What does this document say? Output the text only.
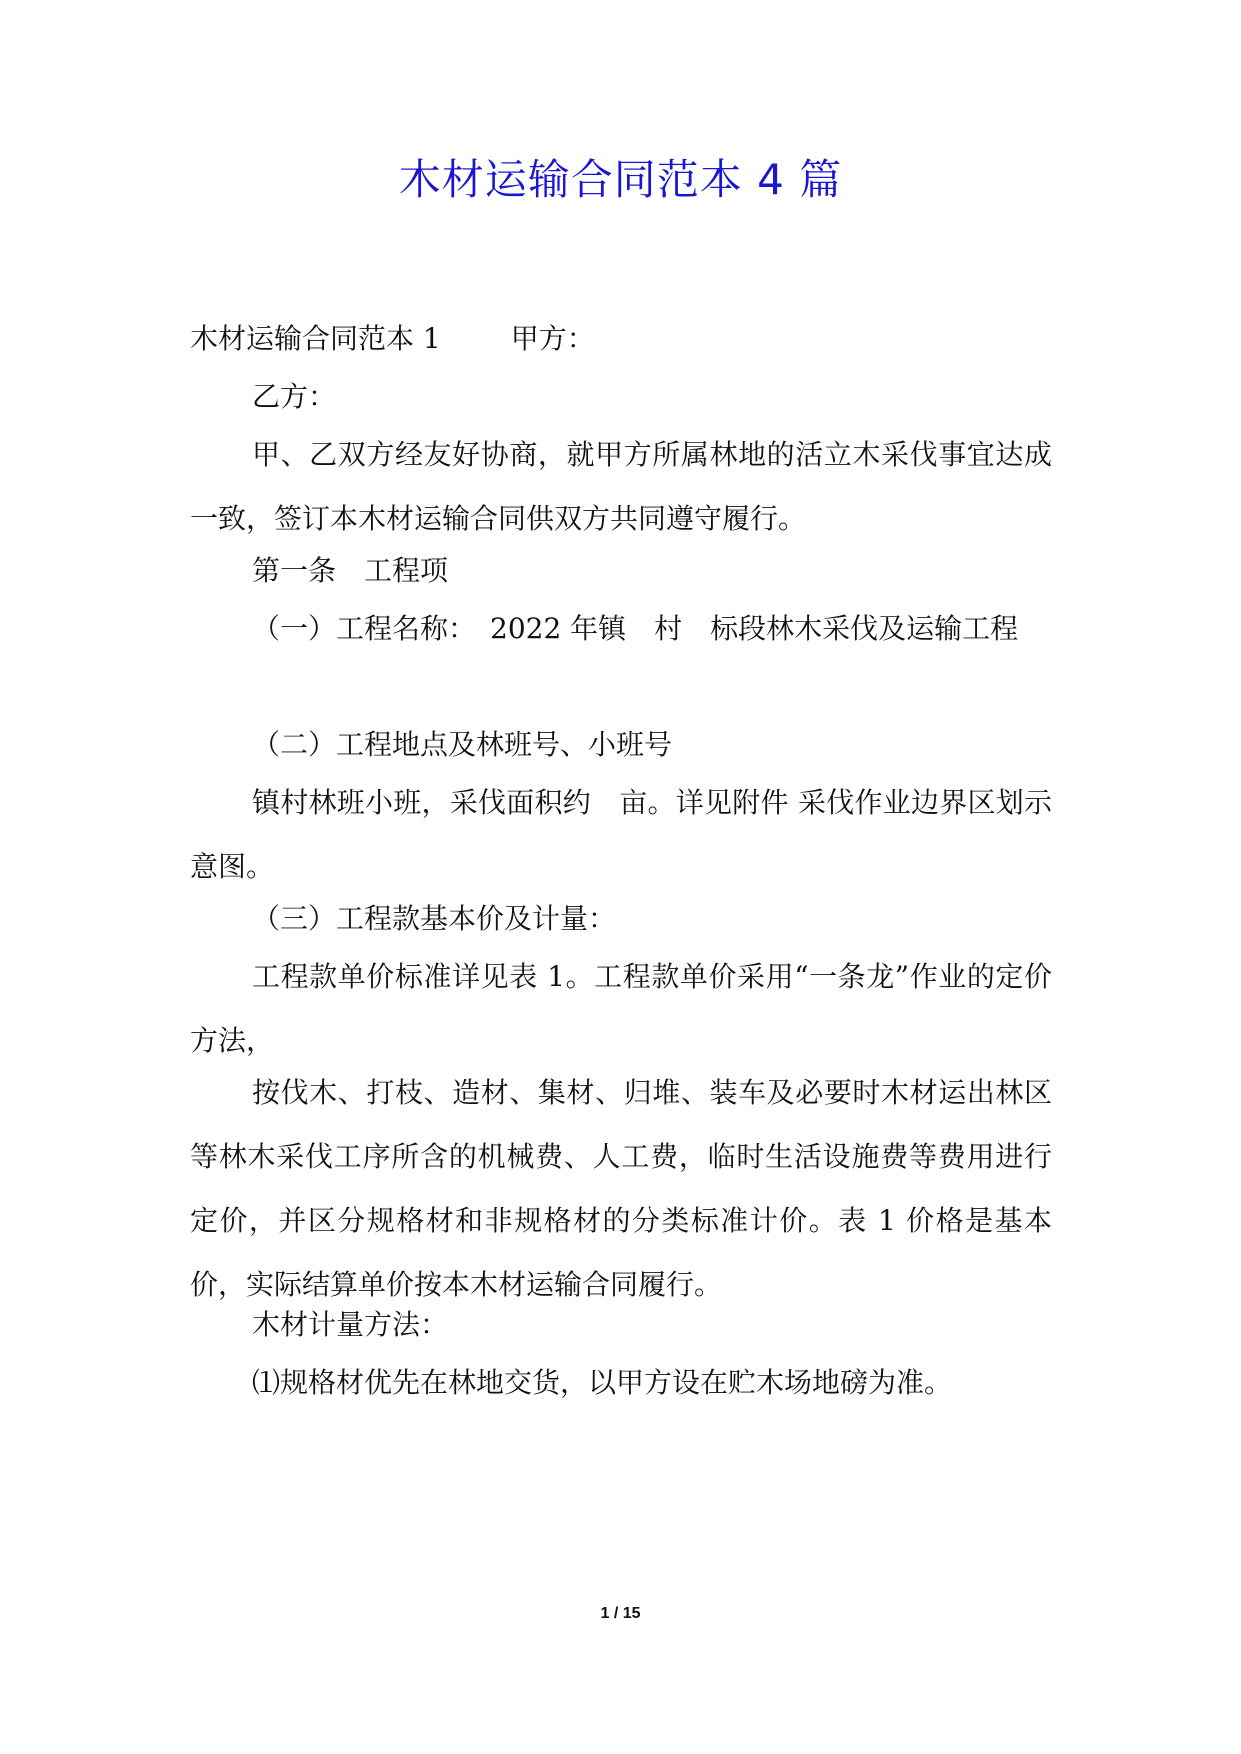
木材运输合同范本 4 篇

木材运输合同范本 1	甲方：

乙方：

甲、乙双方经友好协商，就甲方所属林地的活立木采伐事宜达成一致，签订本木材运输合同供双方共同遵守履行。

第一条　工程项

（一）工程名称：　2022 年镇　村　标段林木采伐及运输工程

（二）工程地点及林班号、小班号

镇村林班小班，采伐面积约　亩。详见附件 采伐作业边界区划示意图。

（三）工程款基本价及计量：

工程款单价标准详见表 1。工程款单价采用“一条龙”作业的定价方法，

按伐木、打枝、造材、集材、归堆、装车及必要时木材运出林区等林木采伐工序所含的机械费、人工费，临时生活设施费等费用进行定价，并区分规格材和非规格材的分类标准计价。表 1 价格是基本价，实际结算单价按本木材运输合同履行。

木材计量方法：

⑴规格材优先在林地交货，以甲方设在贮木场地磅为准。

1 / 15
